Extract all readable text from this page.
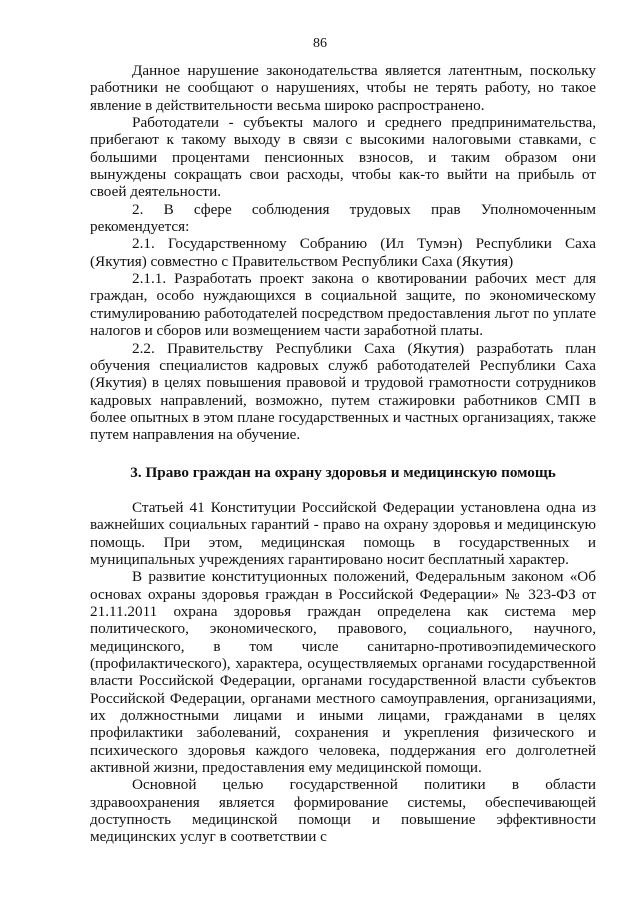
86

Данное нарушение законодательства является латентным, поскольку работники не сообщают о нарушениях, чтобы не терять работу, но такое явление в действительности весьма широко распространено.

Работодатели - субъекты малого и среднего предпринимательства, прибегают к такому выходу в связи с высокими налоговыми ставками, с большими процентами пенсионных взносов, и таким образом они вынуждены сокращать свои расходы, чтобы как-то выйти на прибыль от своей деятельности.

2. В сфере соблюдения трудовых прав Уполномоченным рекомендуется:

2.1. Государственному Собранию (Ил Тумэн) Республики Саха (Якутия) совместно с Правительством Республики Саха (Якутия)

2.1.1. Разработать проект закона о квотировании рабочих мест для граждан, особо нуждающихся в социальной защите, по экономическому стимулированию работодателей посредством предоставления льгот по уплате налогов и сборов или возмещением части заработной платы.

2.2. Правительству Республики Саха (Якутия) разработать план обучения специалистов кадровых служб работодателей Республики Саха (Якутия) в целях повышения правовой и трудовой грамотности сотрудников кадровых направлений, возможно, путем стажировки работников СМП в более опытных в этом плане государственных и частных организациях, также путем направления на обучение.

3. Право граждан на охрану здоровья и медицинскую помощь

Статьей 41 Конституции Российской Федерации установлена одна из важнейших социальных гарантий - право на охрану здоровья и медицинскую помощь. При этом, медицинская помощь в государственных и муниципальных учреждениях гарантировано носит бесплатный характер.

В развитие конституционных положений, Федеральным законом «Об основах охраны здоровья граждан в Российской Федерации» № 323-ФЗ от 21.11.2011 охрана здоровья граждан определена как система мер политического, экономического, правового, социального, научного, медицинского, в том числе санитарно-противоэпидемического (профилактического), характера, осуществляемых органами государственной власти Российской Федерации, органами государственной власти субъектов Российской Федерации, органами местного самоуправления, организациями, их должностными лицами и иными лицами, гражданами в целях профилактики заболеваний, сохранения и укрепления физического и психического здоровья каждого человека, поддержания его долголетней активной жизни, предоставления ему медицинской помощи.

Основной целью государственной политики в области здравоохранения является формирование системы, обеспечивающей доступность медицинской помощи и повышение эффективности медицинских услуг в соответствии с
